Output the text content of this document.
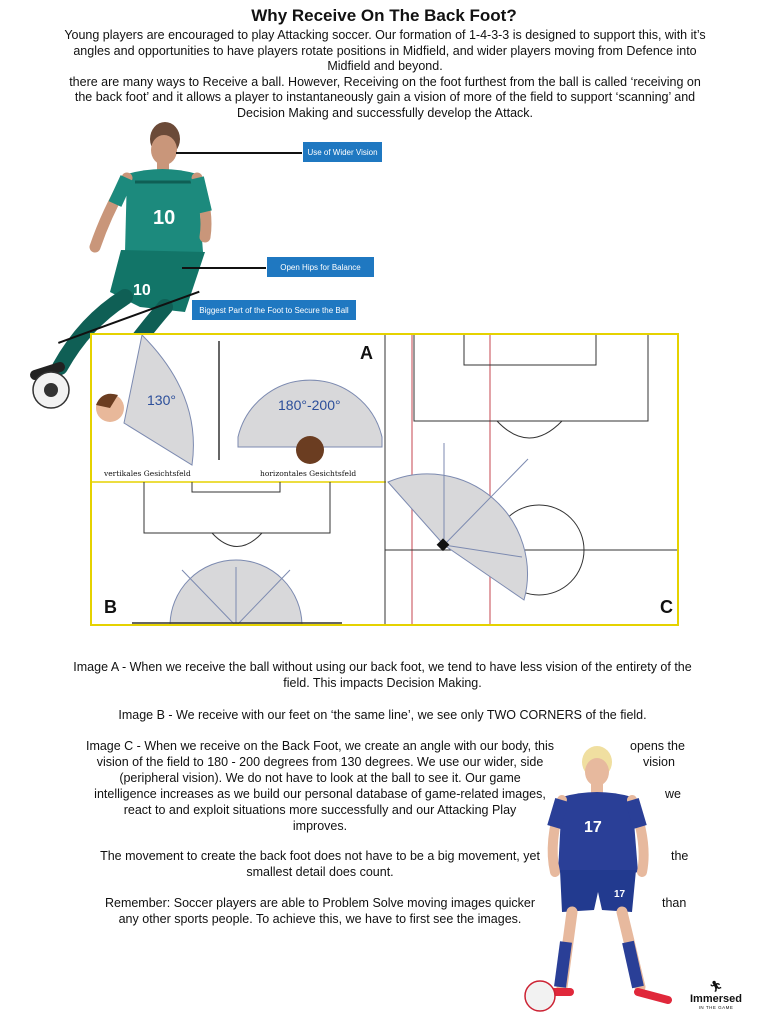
Why Receive On The Back Foot?

Young players are encouraged to play Attacking soccer. Our formation of 1-4-3-3 is designed to support this, with it’s angles and opportunities to have players rotate positions in Midfield, and wider players moving from Defence into Midfield and beyond.

there are many ways to Receive a ball. However, Receiving on the foot furthest from the ball is called ‘receiving on the back foot’ and it allows a player to instantaneously gain a vision of more of the field to support ‘scanning’ and Decision Making and successfully develop the Attack.

10
10
Use of Wider Vision
Open Hips for Balance
Biggest Part of the Foot to Secure the Ball
A
B	C
130°	180°-200°
vertikales Gesichtsfeld	horizontales Gesichtsfeld
Image A - When we receive the ball without using our back foot, we tend to have less vision of the entirety of the field. This impacts Decision Making.
Image B - We receive with our feet on ‘the same line’, we see only TWO CORNERS of the field.
Image C - When we receive on the Back Foot, we create an angle with our body, this
vision of the field to 180 - 200 degrees from 130 degrees. We use our wider, side
(peripheral vision). We do not have to look at the ball to see it. Our game
intelligence increases as we build our personal database of game-related images,
react to and exploit situations more successfully and our Attacking Play
improves.
opens the
vision
we
The movement to create the back foot does not have to be a big movement, yet
smallest detail does count.
the
Remember: Soccer players are able to Problem Solve moving images quicker
any other sports people. To achieve this, we have to first see the images.
than
17
17
🏃︎
Immersed
IN THE GAME
